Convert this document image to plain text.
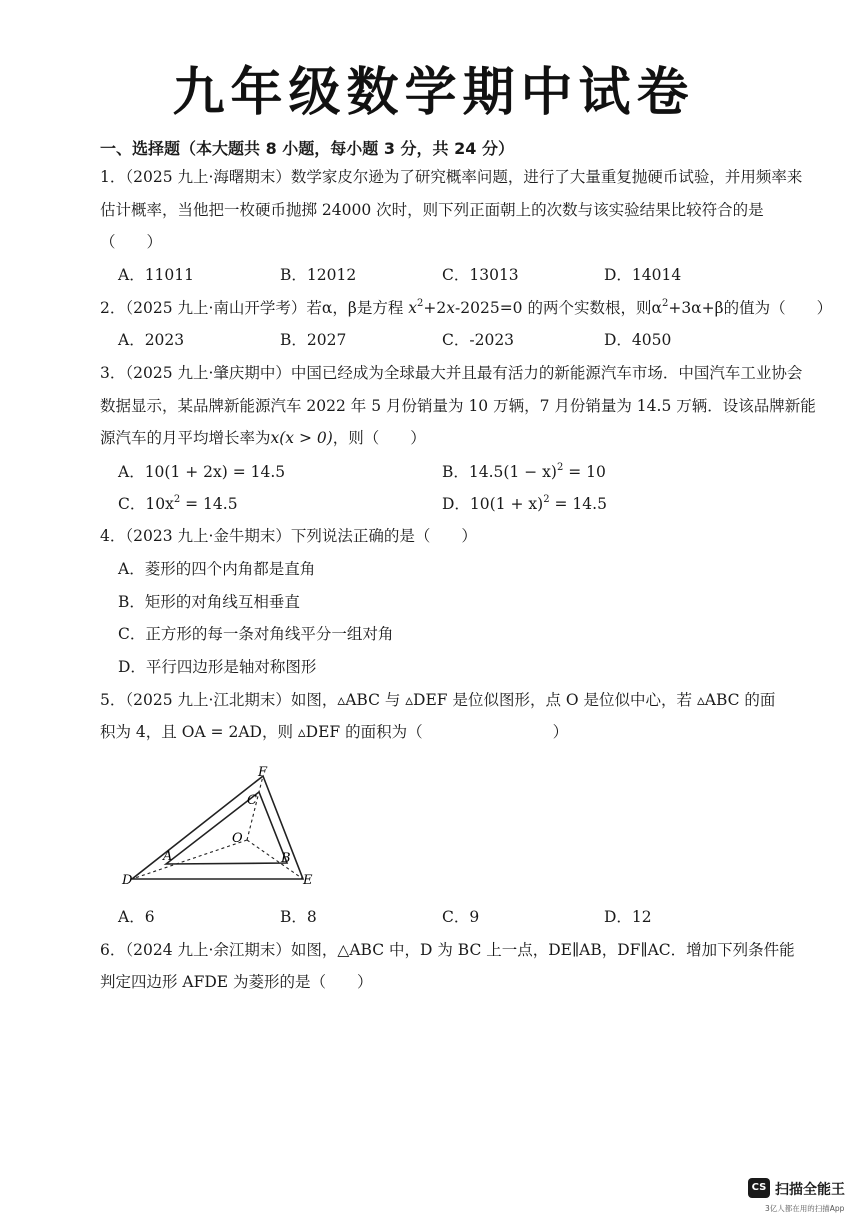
九年级数学期中试卷
一、选择题（本大题共 8 小题，每小题 3 分，共 24 分）
1．（2025 九上·海曙期末）数学家皮尔逊为了研究概率问题，进行了大量重复抛硬币试验，并用频率来
估计概率，当他把一枚硬币抛掷 24000 次时，则下列正面朝上的次数与该实验结果比较符合的是
（　　）
A．11011	B．12012	C．13013	D．14014
2．（2025 九上·南山开学考）若α，β是方程 $x^2+2x-2025=0$ 的两个实数根，则$\alpha^2+3\alpha+\beta$的值为（　　）
A．2023	B．2027	C．-2023	D．4050
3．（2025 九上·肇庆期中）中国已经成为全球最大并且最有活力的新能源汽车市场．中国汽车工业协会
数据显示，某品牌新能源汽车 2022 年 5 月份销量为 10 万辆，7 月份销量为 14.5 万辆．设该品牌新能
源汽车的月平均增长率为x(x > 0)，则（　　）
A．10(1 + 2x) = 14.5	B．$14.5(1 - x)^2 = 10$
C．$10x^2 = 14.5$	D．$10(1 + x)^2 = 14.5$
4．（2023 九上·金牛期末）下列说法正确的是（　　）
A．菱形的四个内角都是直角
B．矩形的对角线互相垂直
C．正方形的每一条对角线平分一组对角
D．平行四边形是轴对称图形
5．（2025 九上·江北期末）如图，▵ABC 与 ▵DEF 是位似图形，点 O 是位似中心，若 ▵ABC 的面
积为 4，且 OA = 2AD，则 ▵DEF 的面积为（	）
F
C
O
A	B
D	E
A．6	B．8	C．9	D．12
6．（2024 九上·余江期末）如图，△ABC 中，D 为 BC 上一点，DE∥AB，DF∥AC．增加下列条件能
判定四边形 AFDE 为菱形的是（　　）
CS 扫描全能王
3亿人都在用的扫描App
